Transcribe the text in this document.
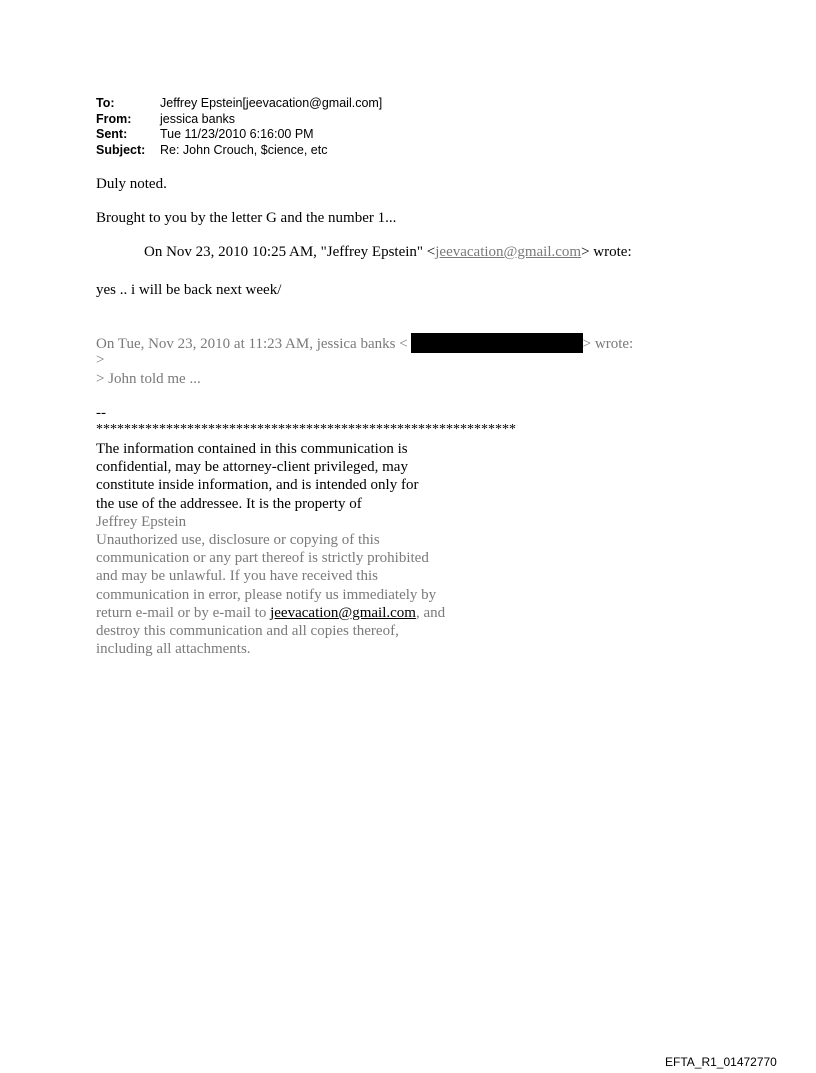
To:	Jeffrey Epstein[jeevacation@gmail.com]
From:	jessica banks
Sent:	Tue 11/23/2010 6:16:00 PM
Subject:	Re: John Crouch, $cience, etc
Duly noted.
Brought to you by the letter G and the number 1...
On Nov 23, 2010 10:25 AM, "Jeffrey Epstein" <jeevacation@gmail.com> wrote:
yes .. i will be back next week/
On Tue, Nov 23, 2010 at 11:23 AM, jessica banks <	> wrote:
>
> John told me ...
--
************************************************************
The information contained in this communication is
confidential, may be attorney-client privileged, may
constitute inside information, and is intended only for
the use of the addressee. It is the property of
Jeffrey Epstein
Unauthorized use, disclosure or copying of this
communication or any part thereof is strictly prohibited
and may be unlawful. If you have received this
communication in error, please notify us immediately by
return e-mail or by e-mail to jeevacation@gmail.com, and
destroy this communication and all copies thereof,
including all attachments.
EFTA_R1_01472770
